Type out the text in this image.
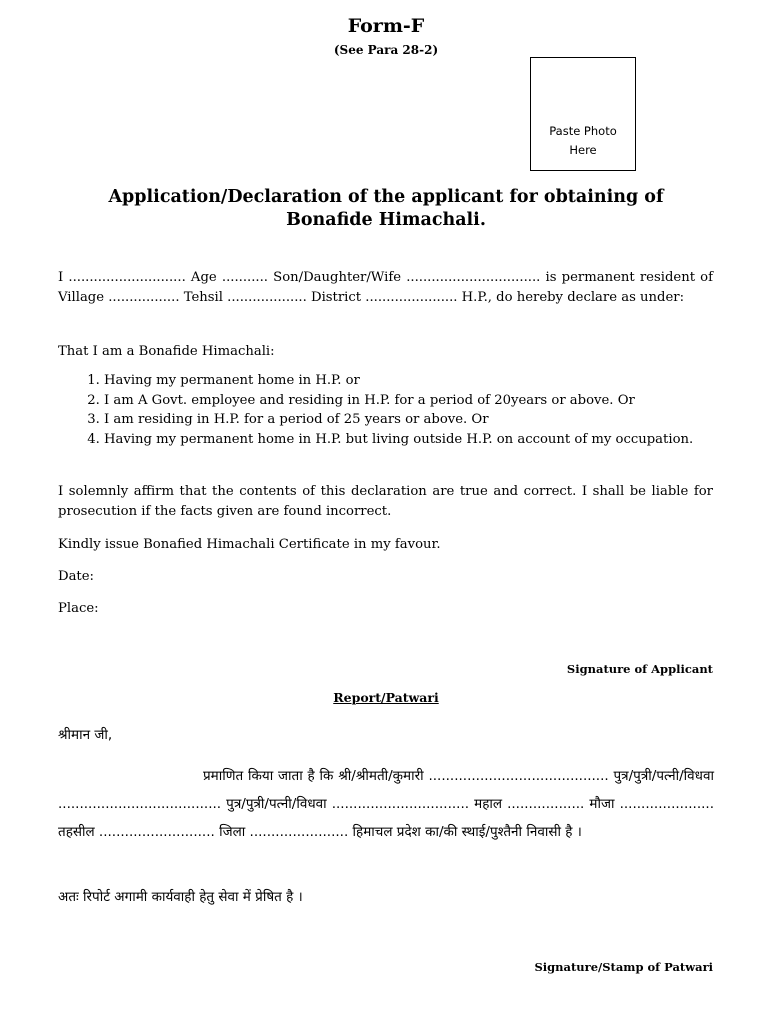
Form-F
(See Para 28-2)
Paste Photo
Here
Application/Declaration of the applicant for obtaining of
Bonafide Himachali.
I ............................ Age ........... Son/Daughter/Wife ................................ is permanent resident of Village ................. Tehsil ................... District ...................... H.P., do hereby declare as under:
That I am a Bonafide Himachali:
1. Having my permanent home in H.P. or
2. I am A Govt. employee and residing in H.P. for a period of 20years or above. Or
3. I am residing in H.P. for a period of 25 years or above. Or
4. Having my permanent home in H.P. but living outside H.P. on account of my occupation.
I solemnly affirm that the contents of this declaration are true and correct. I shall be liable for prosecution if the facts given are found incorrect.
Kindly issue Bonafied Himachali Certificate in my favour.
Date:
Place:
Signature of Applicant
Report/Patwari
श्रीमान जी,
प्रमाणित किया जाता है कि श्री/श्रीमती/कुमारी .......................................... पुत्र/पुत्री/पत्नी/विधवा ...................................... पुत्र/पुत्री/पत्नी/विधवा ................................ महाल .................. मौजा ...................... तहसील ........................... जिला ....................... हिमाचल प्रदेश का/की स्थाई/पुश्तैनी निवासी है ।
अतः रिपोर्ट अगामी कार्यवाही हेतु सेवा में प्रेषित है ।
Signature/Stamp of Patwari
